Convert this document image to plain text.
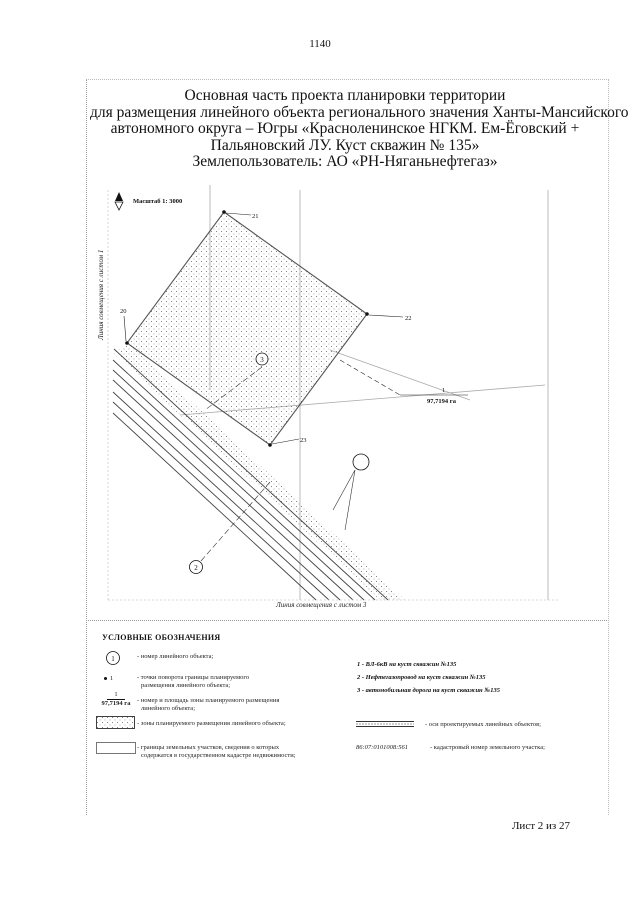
1140
Основная часть проекта планировки территории
для размещения линейного объекта регионального значения Ханты-Мансийского
автономного округа – Югры «Красноленинское НГКМ. Ем-Ёговский +
Пальяновский ЛУ. Куст скважин № 135»
Землепользователь: АО «РН-Няганьнефтегаз»
Масштаб 1: 3000
Линия совмещения с листом 1
Линия совмещения с листом 3
21
20
22
23
1
97,7194 га
3
2
УСЛОВНЫЕ ОБОЗНАЧЕНИЯ
1	- номер линейного объекта;
1	- точки поворота границы планируемого
размещения линейного объекта;
1
97,7194 га	- номер и площадь зоны планируемого размещения
линейного объекта;
- зоны планируемого размещения линейного объекта;
- границы земельных участков, сведения о которых
содержатся в государственном кадастре недвижимости;
1 - ВЛ-6кВ на куст скважин №135
2 - Нефтегазопровод на куст скважин №135
3 - автомобильная дорога на куст скважин №135
- оси проектируемых линейных объектов;
86:07:0101008:561	- кадастровый номер земельного участка;
Лист 2 из 27
